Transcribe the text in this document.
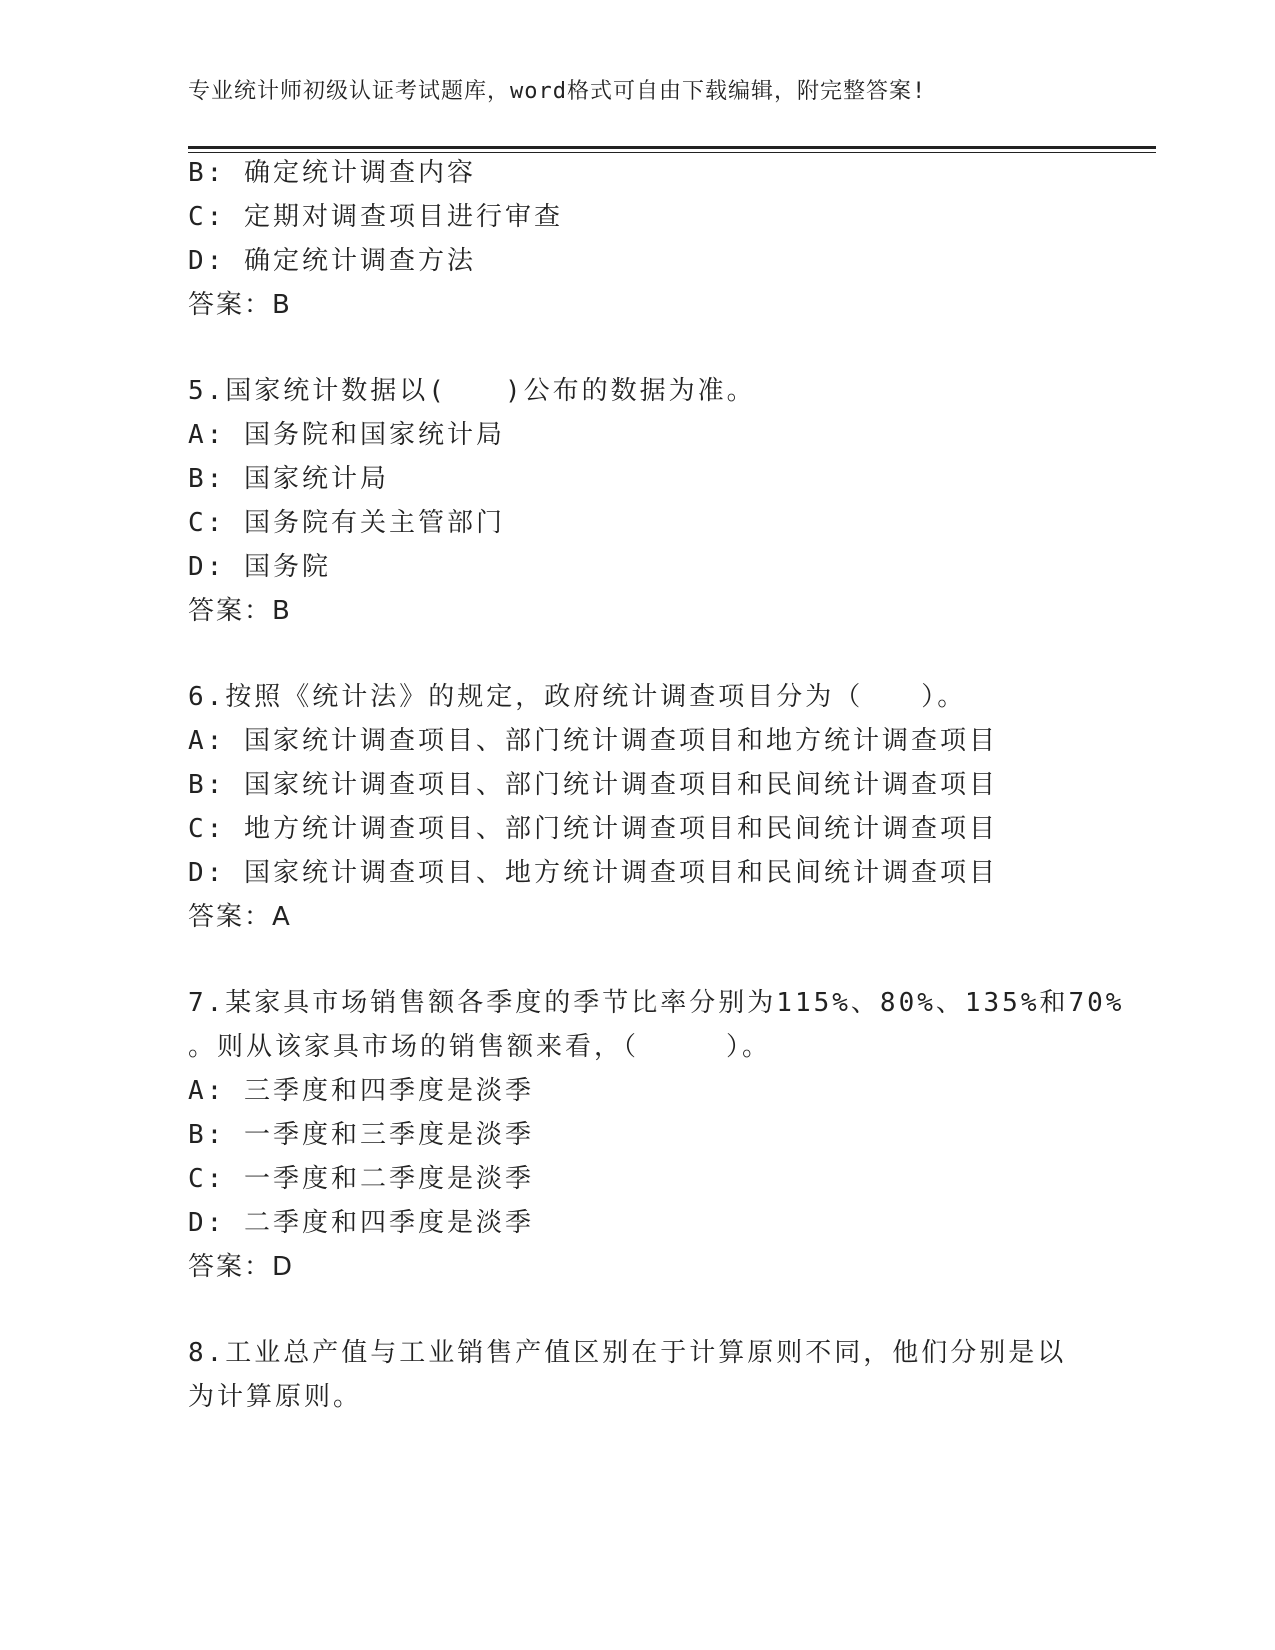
专业统计师初级认证考试题库，word格式可自由下载编辑，附完整答案!
B: 确定统计调查内容
C: 定期对调查项目进行审查
D: 确定统计调查方法
答案：B
5.国家统计数据以(　　)公布的数据为准。
A: 国务院和国家统计局
B: 国家统计局
C: 国务院有关主管部门
D: 国务院
答案：B
6.按照《统计法》的规定，政府统计调查项目分为（　　）。
A: 国家统计调查项目、部门统计调查项目和地方统计调查项目
B: 国家统计调查项目、部门统计调查项目和民间统计调查项目
C: 地方统计调查项目、部门统计调查项目和民间统计调查项目
D: 国家统计调查项目、地方统计调查项目和民间统计调查项目
答案：A
7.某家具市场销售额各季度的季节比率分别为115%、80%、135%和70%
。则从该家具市场的销售额来看，（　　　）。
A: 三季度和四季度是淡季
B: 一季度和三季度是淡季
C: 一季度和二季度是淡季
D: 二季度和四季度是淡季
答案：D
8.工业总产值与工业销售产值区别在于计算原则不同，他们分别是以
为计算原则。
